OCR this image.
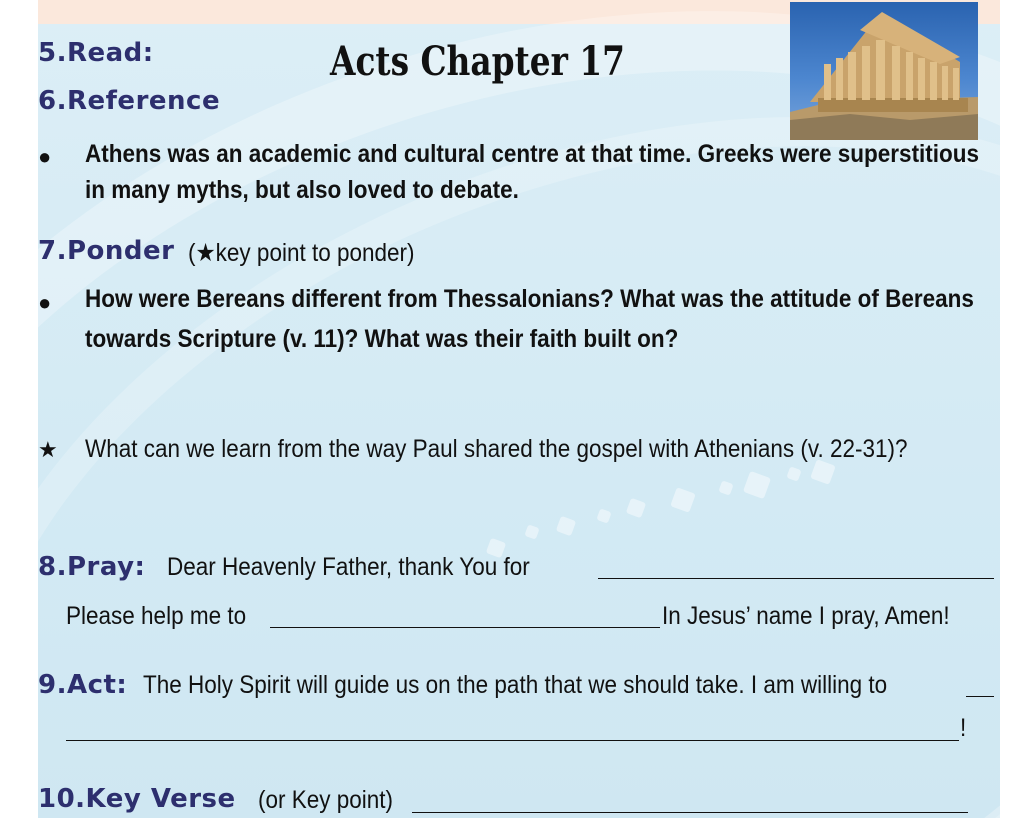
5.Read:	Acts Chapter 17
6.Reference
● Athens was an academic and cultural centre at that time. Greeks were superstitious
in many myths, but also loved to debate.
7.Ponder (★key point to ponder)
● How were Bereans different from Thessalonians? What was the attitude of Bereans
towards Scripture (v. 11)? What was their faith built on?
★ What can we learn from the way Paul shared the gospel with Athenians (v. 22-31)?
8.Pray: Dear Heavenly Father, thank You for
Please help me to	In Jesus’ name I pray, Amen!
9.Act: The Holy Spirit will guide us on the path that we should take. I am willing to
!
10.Key Verse (or Key point)
